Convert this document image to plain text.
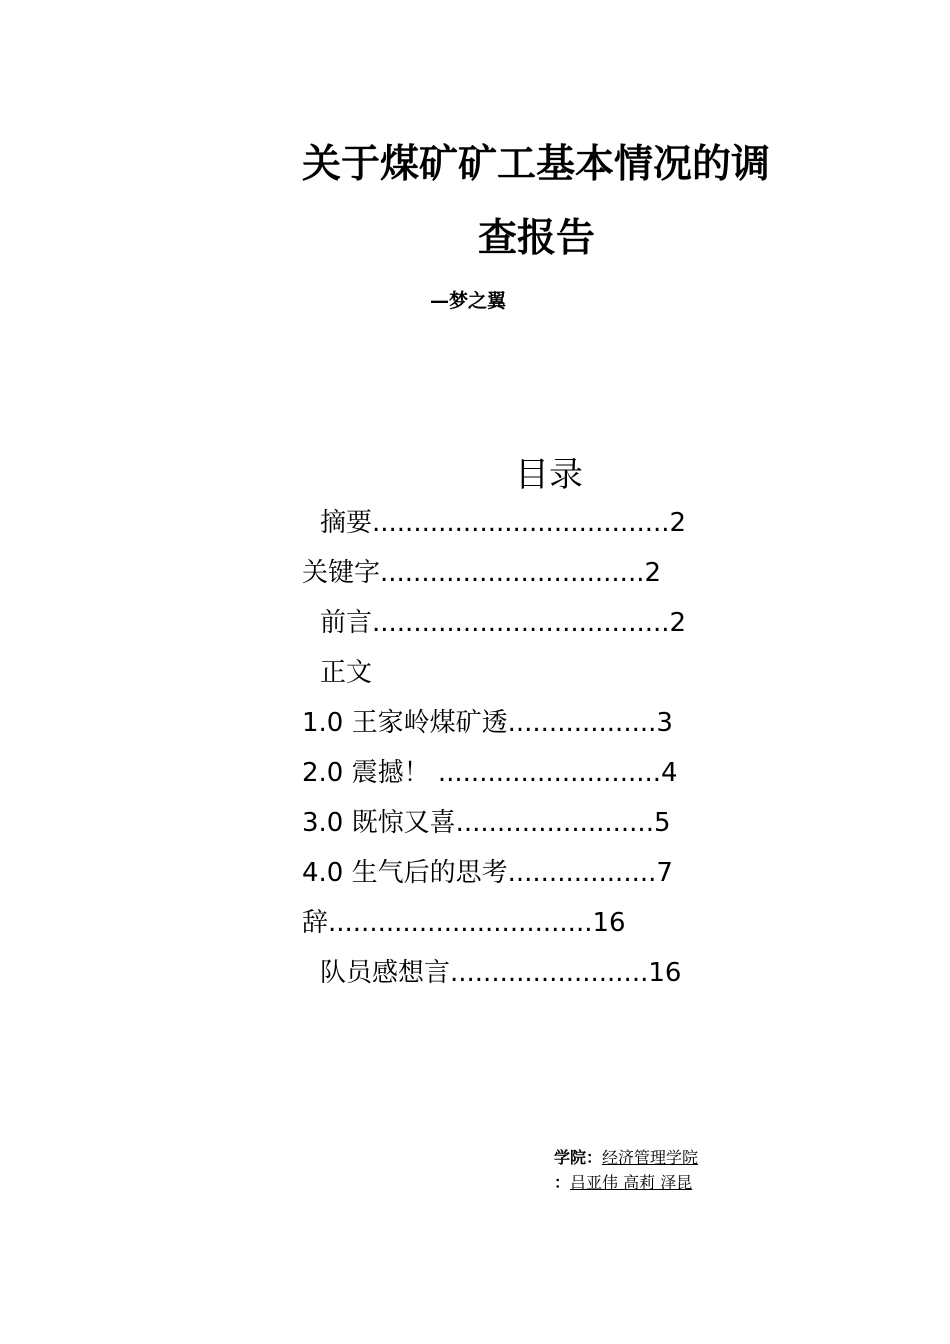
关于煤矿矿工基本情况的调
查报告
—梦之翼
目录
摘要....................................2
关键字................................2
前言....................................2
正文
1.0 王家岭煤矿透..................3
2.0 震撼！ ...........................4
3.0 既惊又喜........................5
4.0 生气后的思考..................7
辞................................16
队员感想言........................16
学院：经济管理学院
：吕亚伟 高莉 泽昆
